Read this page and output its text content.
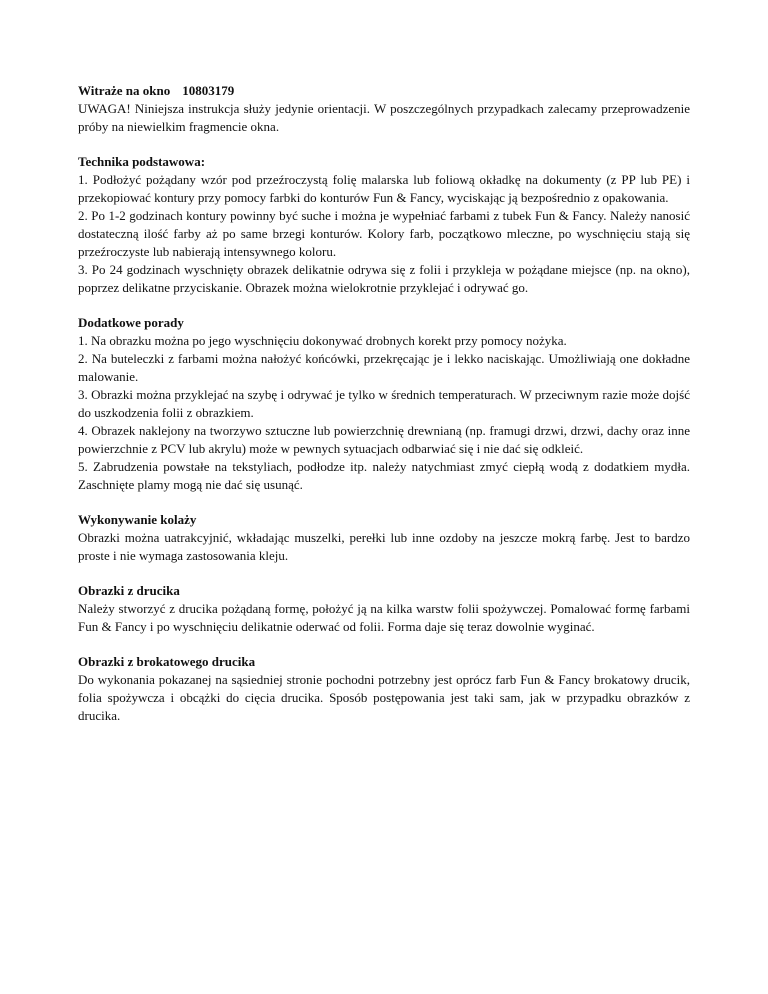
Witraże na okno 10803179

UWAGA! Niniejsza instrukcja służy jedynie orientacji. W poszczególnych przypadkach zalecamy przeprowadzenie próby na niewielkim fragmencie okna.

Technika podstawowa:

1. Podłożyć pożądany wzór pod przeźroczystą folię malarska lub foliową okładkę na dokumenty (z PP lub PE) i przekopiować kontury przy pomocy farbki do konturów Fun & Fancy, wyciskając ją bezpośrednio z opakowania.

2. Po 1-2 godzinach kontury powinny być suche i można je wypełniać farbami z tubek Fun & Fancy. Należy nanosić dostateczną ilość farby aż po same brzegi konturów. Kolory farb, początkowo mleczne, po wyschnięciu stają się przeźroczyste lub nabierają intensywnego koloru.

3. Po 24 godzinach wyschnięty obrazek delikatnie odrywa się z folii i przykleja w pożądane miejsce (np. na okno), poprzez delikatne przyciskanie. Obrazek można wielokrotnie przyklejać i odrywać go.

Dodatkowe porady

1. Na obrazku można po jego wyschnięciu dokonywać drobnych korekt przy pomocy nożyka.

2. Na buteleczki z farbami można nałożyć końcówki, przekręcając je i lekko naciskając. Umożliwiają one dokładne malowanie.

3. Obrazki można przyklejać na szybę i odrywać je tylko w średnich temperaturach. W przeciwnym razie może dojść do uszkodzenia folii z obrazkiem.

4. Obrazek naklejony na tworzywo sztuczne lub powierzchnię drewnianą (np. framugi drzwi, drzwi, dachy oraz inne powierzchnie z PCV lub akrylu) może w pewnych sytuacjach odbarwiać się i nie dać się odkleić.

5. Zabrudzenia powstałe na tekstyliach, podłodze itp. należy natychmiast zmyć ciepłą wodą z dodatkiem mydła. Zaschnięte plamy mogą nie dać się usunąć.

Wykonywanie kolaży

Obrazki można uatrakcyjnić, wkładając muszelki, perełki lub inne ozdoby na jeszcze mokrą farbę. Jest to bardzo proste i nie wymaga zastosowania kleju.

Obrazki z drucika

Należy stworzyć z drucika pożądaną formę, położyć ją na kilka warstw folii spożywczej. Pomalować formę farbami Fun & Fancy i po wyschnięciu delikatnie oderwać od folii. Forma daje się teraz dowolnie wyginać.

Obrazki z brokatowego drucika

Do wykonania pokazanej na sąsiedniej stronie pochodni potrzebny jest oprócz farb Fun & Fancy brokatowy drucik, folia spożywcza i obcążki do cięcia drucika. Sposób postępowania jest taki sam, jak w przypadku obrazków z drucika.
